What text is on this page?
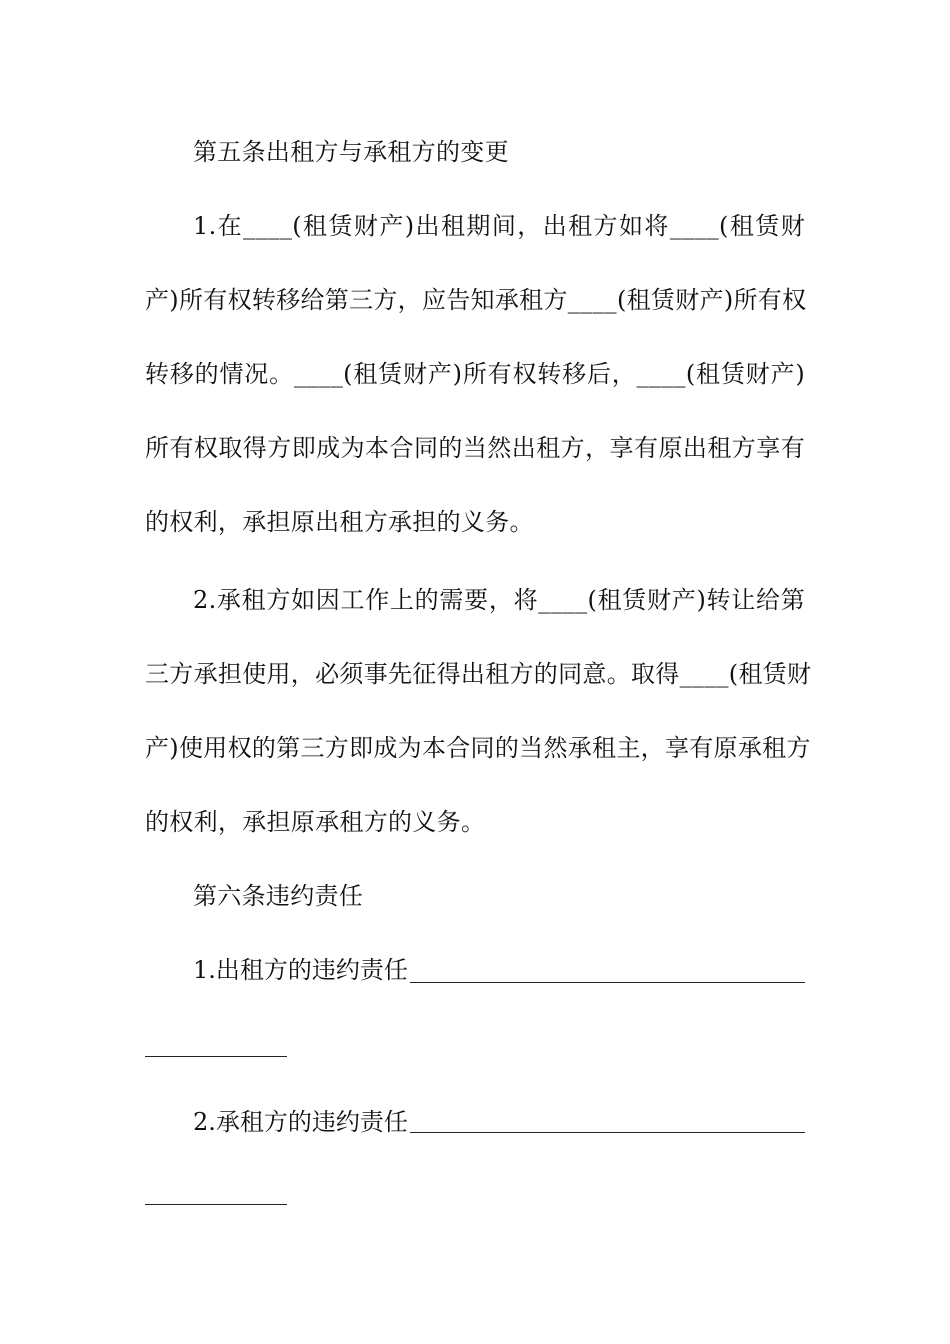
第五条出租方与承租方的变更
1.在____(租赁财产)出租期间，出租方如将____(租赁财
产)所有权转移给第三方，应告知承租方____(租赁财产)所有权
转移的情况。____(租赁财产)所有权转移后，____(租赁财产)
所有权取得方即成为本合同的当然出租方，享有原出租方享有
的权利，承担原出租方承担的义务。
2.承租方如因工作上的需要，将____(租赁财产)转让给第
三方承担使用，必须事先征得出租方的同意。取得____(租赁财
产)使用权的第三方即成为本合同的当然承租主，享有原承租方
的权利，承担原承租方的义务。
第六条违约责任
1.出租方的违约责任
2.承租方的违约责任
